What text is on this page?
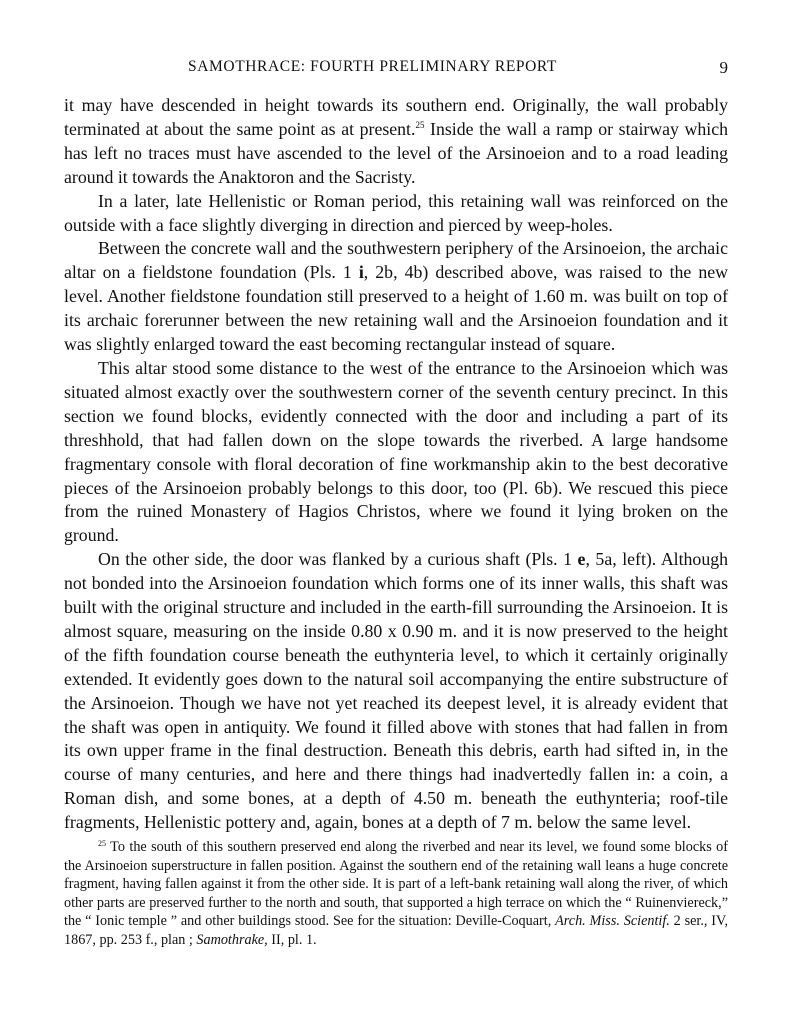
SAMOTHRACE: FOURTH PRELIMINARY REPORT	9

it may have descended in height towards its southern end. Originally, the wall probably terminated at about the same point as at present.$^{25}$ Inside the wall a ramp or stairway which has left no traces must have ascended to the level of the Arsinoeion and to a road leading around it towards the Anaktoron and the Sacristy.

In a later, late Hellenistic or Roman period, this retaining wall was reinforced on the outside with a face slightly diverging in direction and pierced by weep-holes.

Between the concrete wall and the southwestern periphery of the Arsinoeion, the archaic altar on a fieldstone foundation (Pls. 1 i, 2b, 4b) described above, was raised to the new level. Another fieldstone foundation still preserved to a height of 1.60 m. was built on top of its archaic forerunner between the new retaining wall and the Arsinoeion foundation and it was slightly enlarged toward the east becoming rectangular instead of square.

This altar stood some distance to the west of the entrance to the Arsinoeion which was situated almost exactly over the southwestern corner of the seventh century precinct. In this section we found blocks, evidently connected with the door and including a part of its threshhold, that had fallen down on the slope towards the riverbed. A large handsome fragmentary console with floral decoration of fine workmanship akin to the best decorative pieces of the Arsinoeion probably belongs to this door, too (Pl. 6b). We rescued this piece from the ruined Monastery of Hagios Christos, where we found it lying broken on the ground.

On the other side, the door was flanked by a curious shaft (Pls. 1 e, 5a, left). Although not bonded into the Arsinoeion foundation which forms one of its inner walls, this shaft was built with the original structure and included in the earth-fill surrounding the Arsinoeion. It is almost square, measuring on the inside 0.80 x 0.90 m. and it is now preserved to the height of the fifth foundation course beneath the euthynteria level, to which it certainly originally extended. It evidently goes down to the natural soil accompanying the entire substructure of the Arsinoeion. Though we have not yet reached its deepest level, it is already evident that the shaft was open in antiquity. We found it filled above with stones that had fallen in from its own upper frame in the final destruction. Beneath this debris, earth had sifted in, in the course of many centuries, and here and there things had inadvertedly fallen in: a coin, a Roman dish, and some bones, at a depth of 4.50 m. beneath the euthynteria; roof-tile fragments, Hellenistic pottery and, again, bones at a depth of 7 m. below the same level.

$^{25}$ To the south of this southern preserved end along the riverbed and near its level, we found some blocks of the Arsinoeion superstructure in fallen position. Against the southern end of the retaining wall leans a huge concrete fragment, having fallen against it from the other side. It is part of a left-bank retaining wall along the river, of which other parts are preserved further to the north and south, that supported a high terrace on which the “ Ruinenviereck,” the “ Ionic temple ” and other buildings stood. See for the situation: Deville-Coquart, Arch. Miss. Scientif. 2 ser., IV, 1867, pp. 253 f., plan ; Samothrake, II, pl. 1.
